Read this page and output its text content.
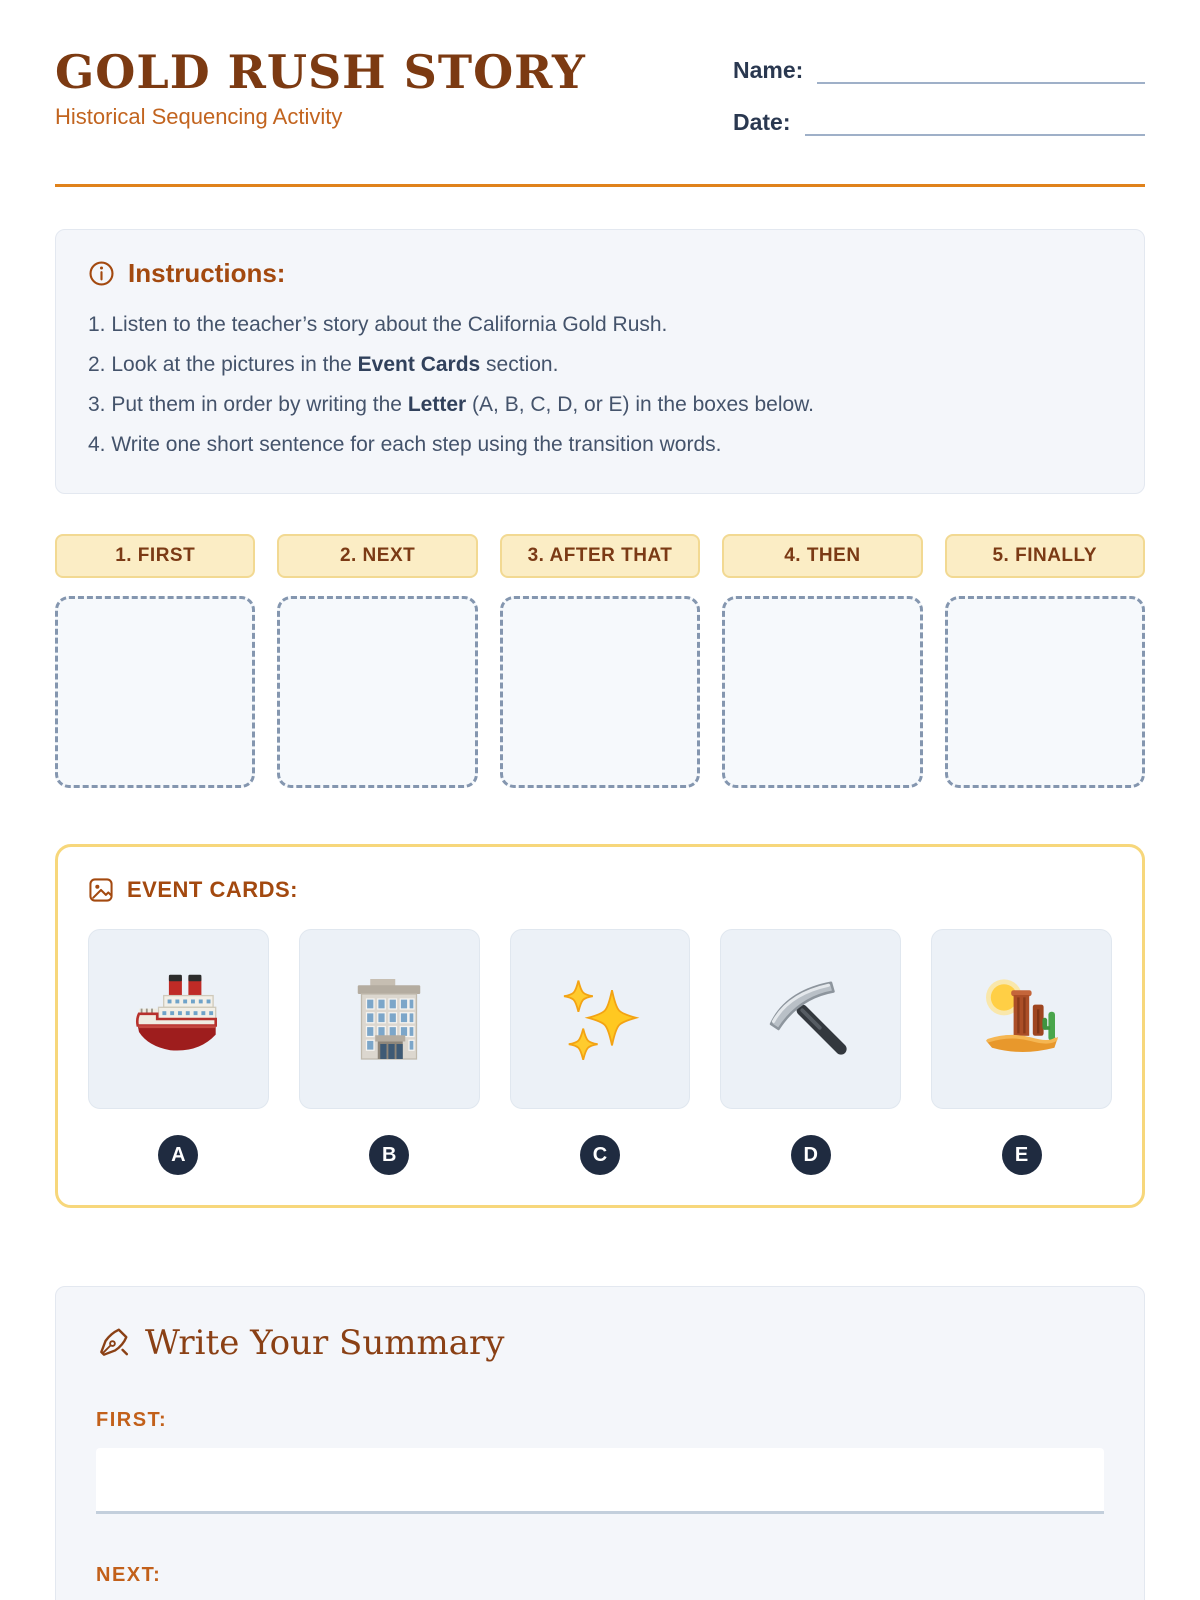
GOLD RUSH STORY
Historical Sequencing Activity
Name:
Date:
Instructions:
1. Listen to the teacher’s story about the California Gold Rush.
2. Look at the pictures in the Event Cards section.
3. Put them in order by writing the Letter (A, B, C, D, or E) in the boxes below.
4. Write one short sentence for each step using the transition words.
1. FIRST	2. NEXT	3. AFTER THAT	4. THEN	5. FINALLY
EVENT CARDS:
A	B	C	D	E
Write Your Summary
FIRST:
NEXT:
